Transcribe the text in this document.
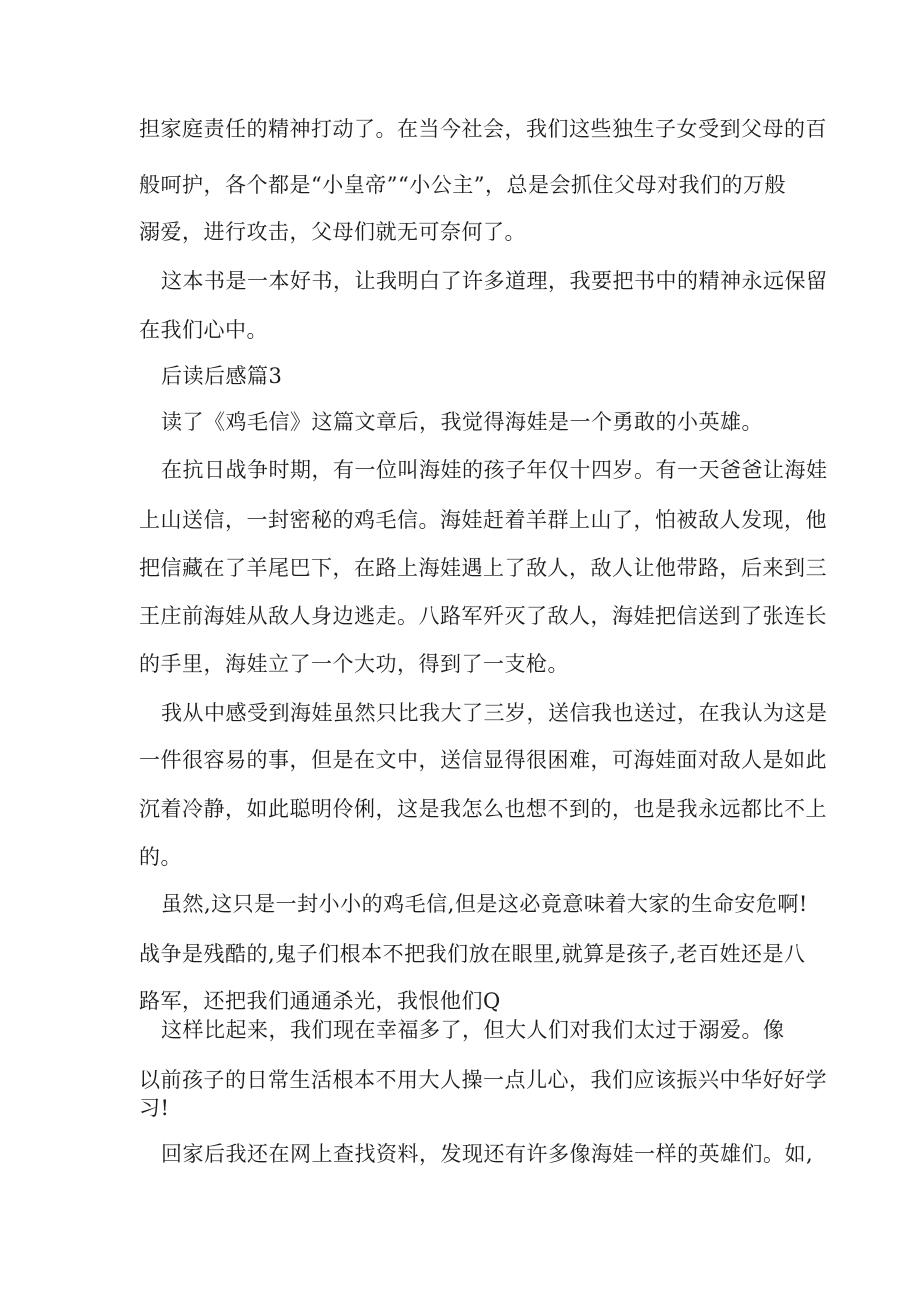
担家庭责任的精神打动了。在当今社会，我们这些独生子女受到父母的百
般呵护，各个都是“小皇帝”“小公主”，总是会抓住父母对我们的万般
溺爱，进行攻击，父母们就无可奈何了。
这本书是一本好书，让我明白了许多道理，我要把书中的精神永远保留
在我们心中。
后读后感篇3
读了《鸡毛信》这篇文章后，我觉得海娃是一个勇敢的小英雄。
在抗日战争时期，有一位叫海娃的孩子年仅十四岁。有一天爸爸让海娃
上山送信，一封密秘的鸡毛信。海娃赶着羊群上山了，怕被敌人发现，他
把信藏在了羊尾巴下，在路上海娃遇上了敌人，敌人让他带路，后来到三
王庄前海娃从敌人身边逃走。八路军歼灭了敌人，海娃把信送到了张连长
的手里，海娃立了一个大功，得到了一支枪。
我从中感受到海娃虽然只比我大了三岁，送信我也送过，在我认为这是
一件很容易的事，但是在文中，送信显得很困难，可海娃面对敌人是如此
沉着冷静，如此聪明伶俐，这是我怎么也想不到的，也是我永远都比不上
的。
虽然,这只是一封小小的鸡毛信,但是这必竟意味着大家的生命安危啊!
战争是残酷的,鬼子们根本不把我们放在眼里,就算是孩子,老百姓还是八
路军，还把我们通通杀光，我恨他们Q
这样比起来，我们现在幸福多了，但大人们对我们太过于溺爱。像
以前孩子的日常生活根本不用大人操一点儿心，我们应该振兴中华好好学
习!
回家后我还在网上查找资料，发现还有许多像海娃一样的英雄们。如,
